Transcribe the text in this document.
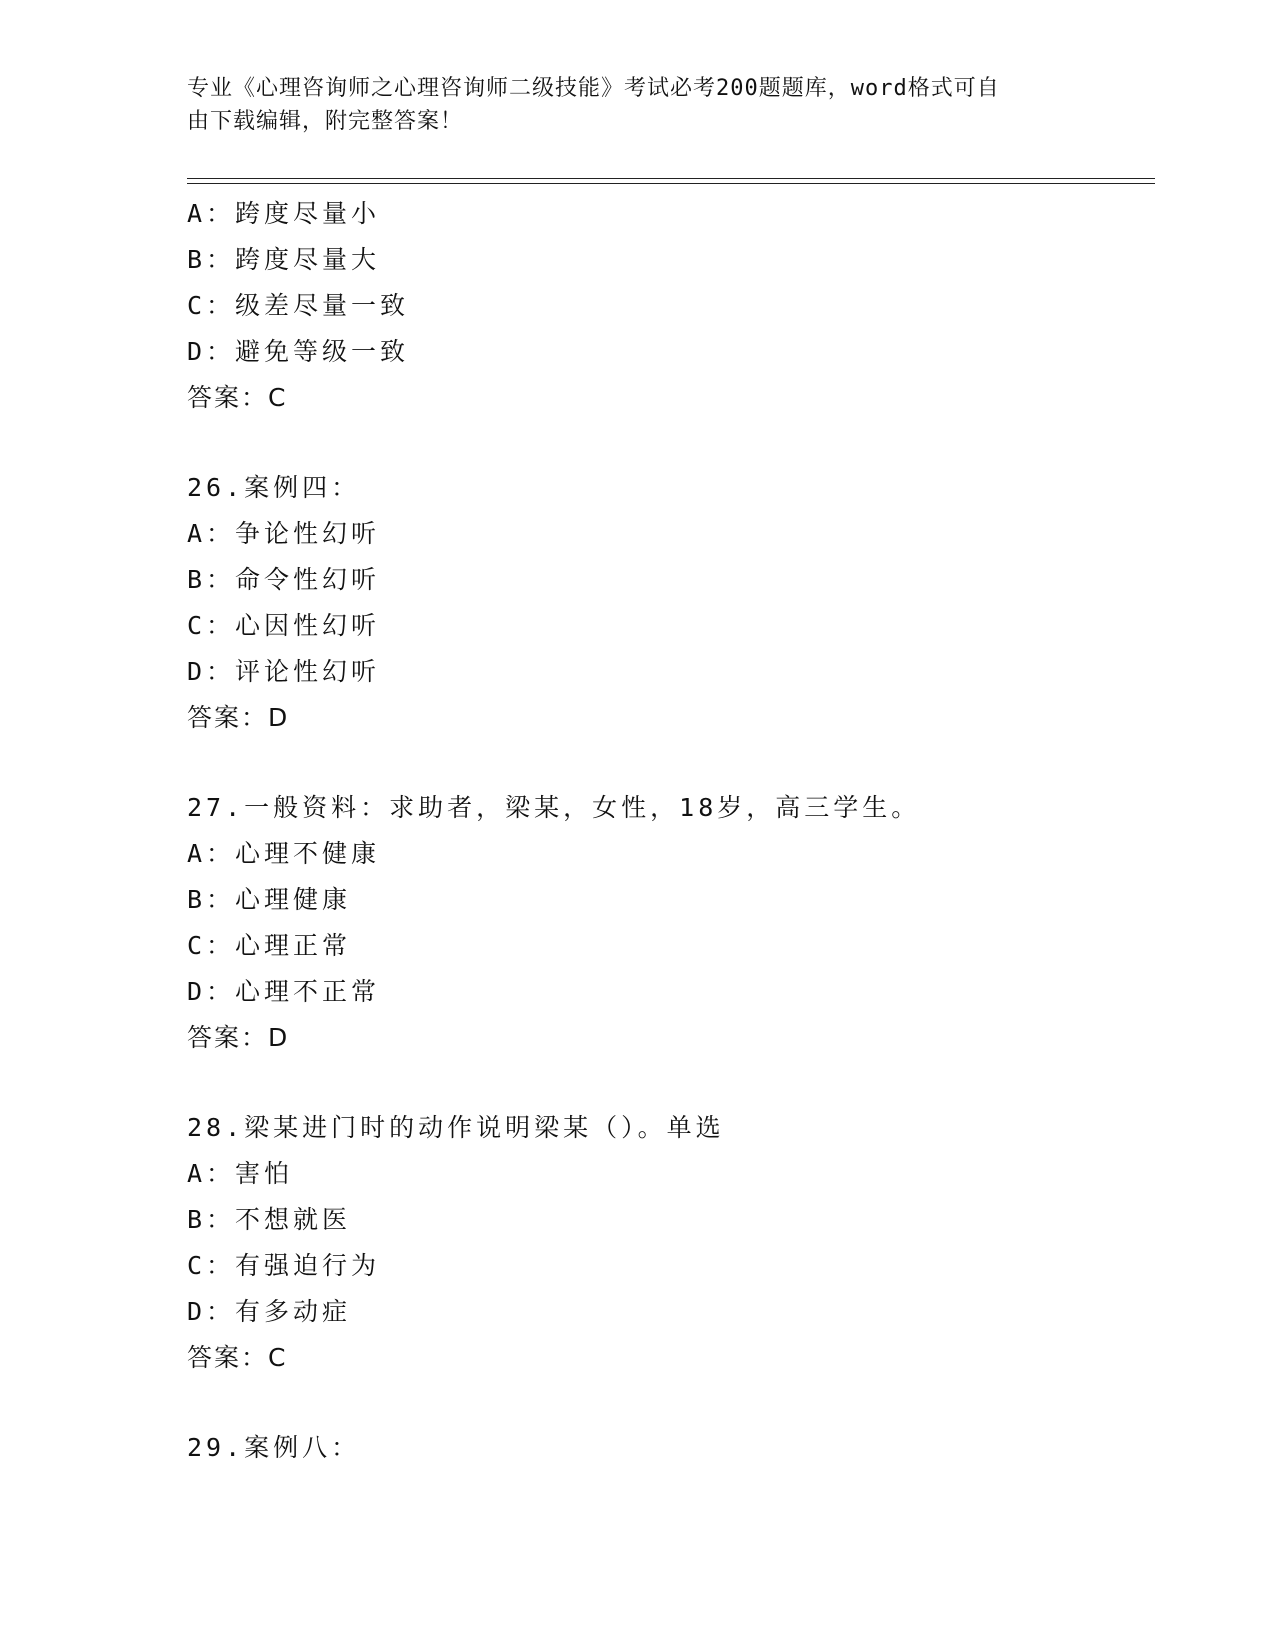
专业《心理咨询师之心理咨询师二级技能》考试必考200题题库，word格式可自
由下载编辑，附完整答案！
A：跨度尽量小
B：跨度尽量大
C：级差尽量一致
D：避免等级一致
答案：C
26.案例四：
A：争论性幻听
B：命令性幻听
C：心因性幻听
D：评论性幻听
答案：D
27.一般资料：求助者，梁某，女性，18岁，高三学生。
A：心理不健康
B：心理健康
C：心理正常
D：心理不正常
答案：D
28.梁某进门时的动作说明梁某（）。单选
A：害怕
B：不想就医
C：有强迫行为
D：有多动症
答案：C
29.案例八：
